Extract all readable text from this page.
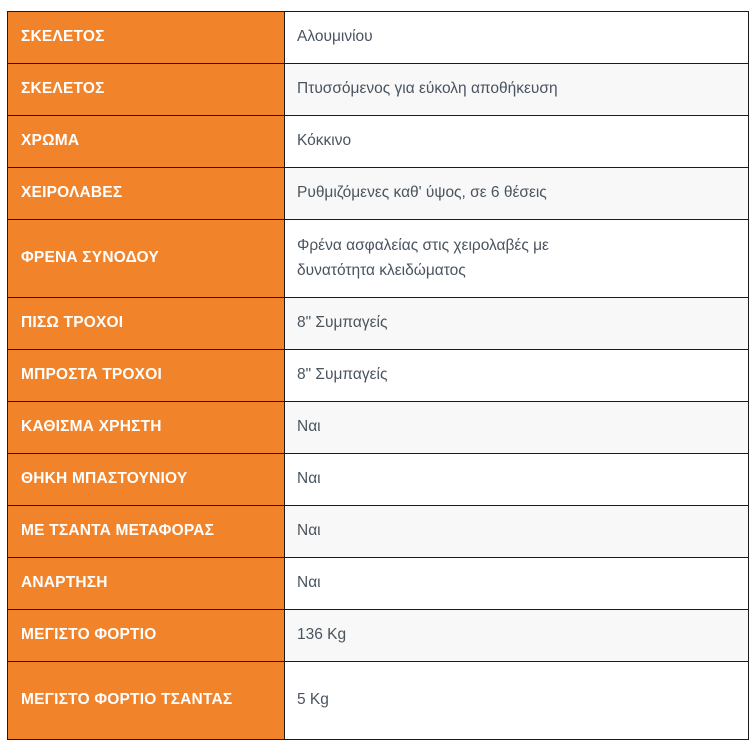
ΣΚΕΛΕΤΟΣ	Αλουμινίου

ΣΚΕΛΕΤΟΣ	Πτυσσόμενος για εύκολη αποθήκευση

ΧΡΩΜΑ	Κόκκινο

ΧΕΙΡΟΛΑΒΕΣ	Ρυθμιζόμενες καθ' ύψος, σε 6 θέσεις

ΦΡΕΝΑ ΣΥΝΟΔΟΥ	Φρένα ασφαλείας στις χειρολαβές με
δυνατότητα κλειδώματος

ΠΙΣΩ ΤΡΟΧΟΙ	8" Συμπαγείς

ΜΠΡΟΣΤΑ ΤΡΟΧΟΙ	8" Συμπαγείς

ΚΑΘΙΣΜΑ ΧΡΗΣΤΗ	Ναι

ΘΗΚΗ ΜΠΑΣΤΟΥΝΙΟΥ	Ναι

ΜΕ ΤΣΑΝΤΑ ΜΕΤΑΦΟΡΑΣ	Ναι

ΑΝΑΡΤΗΣΗ	Ναι

ΜΕΓΙΣΤΟ ΦΟΡΤΙΟ	136 Kg

ΜΕΓΙΣΤΟ ΦΟΡΤΙΟ ΤΣΑΝΤΑΣ	5 Kg
